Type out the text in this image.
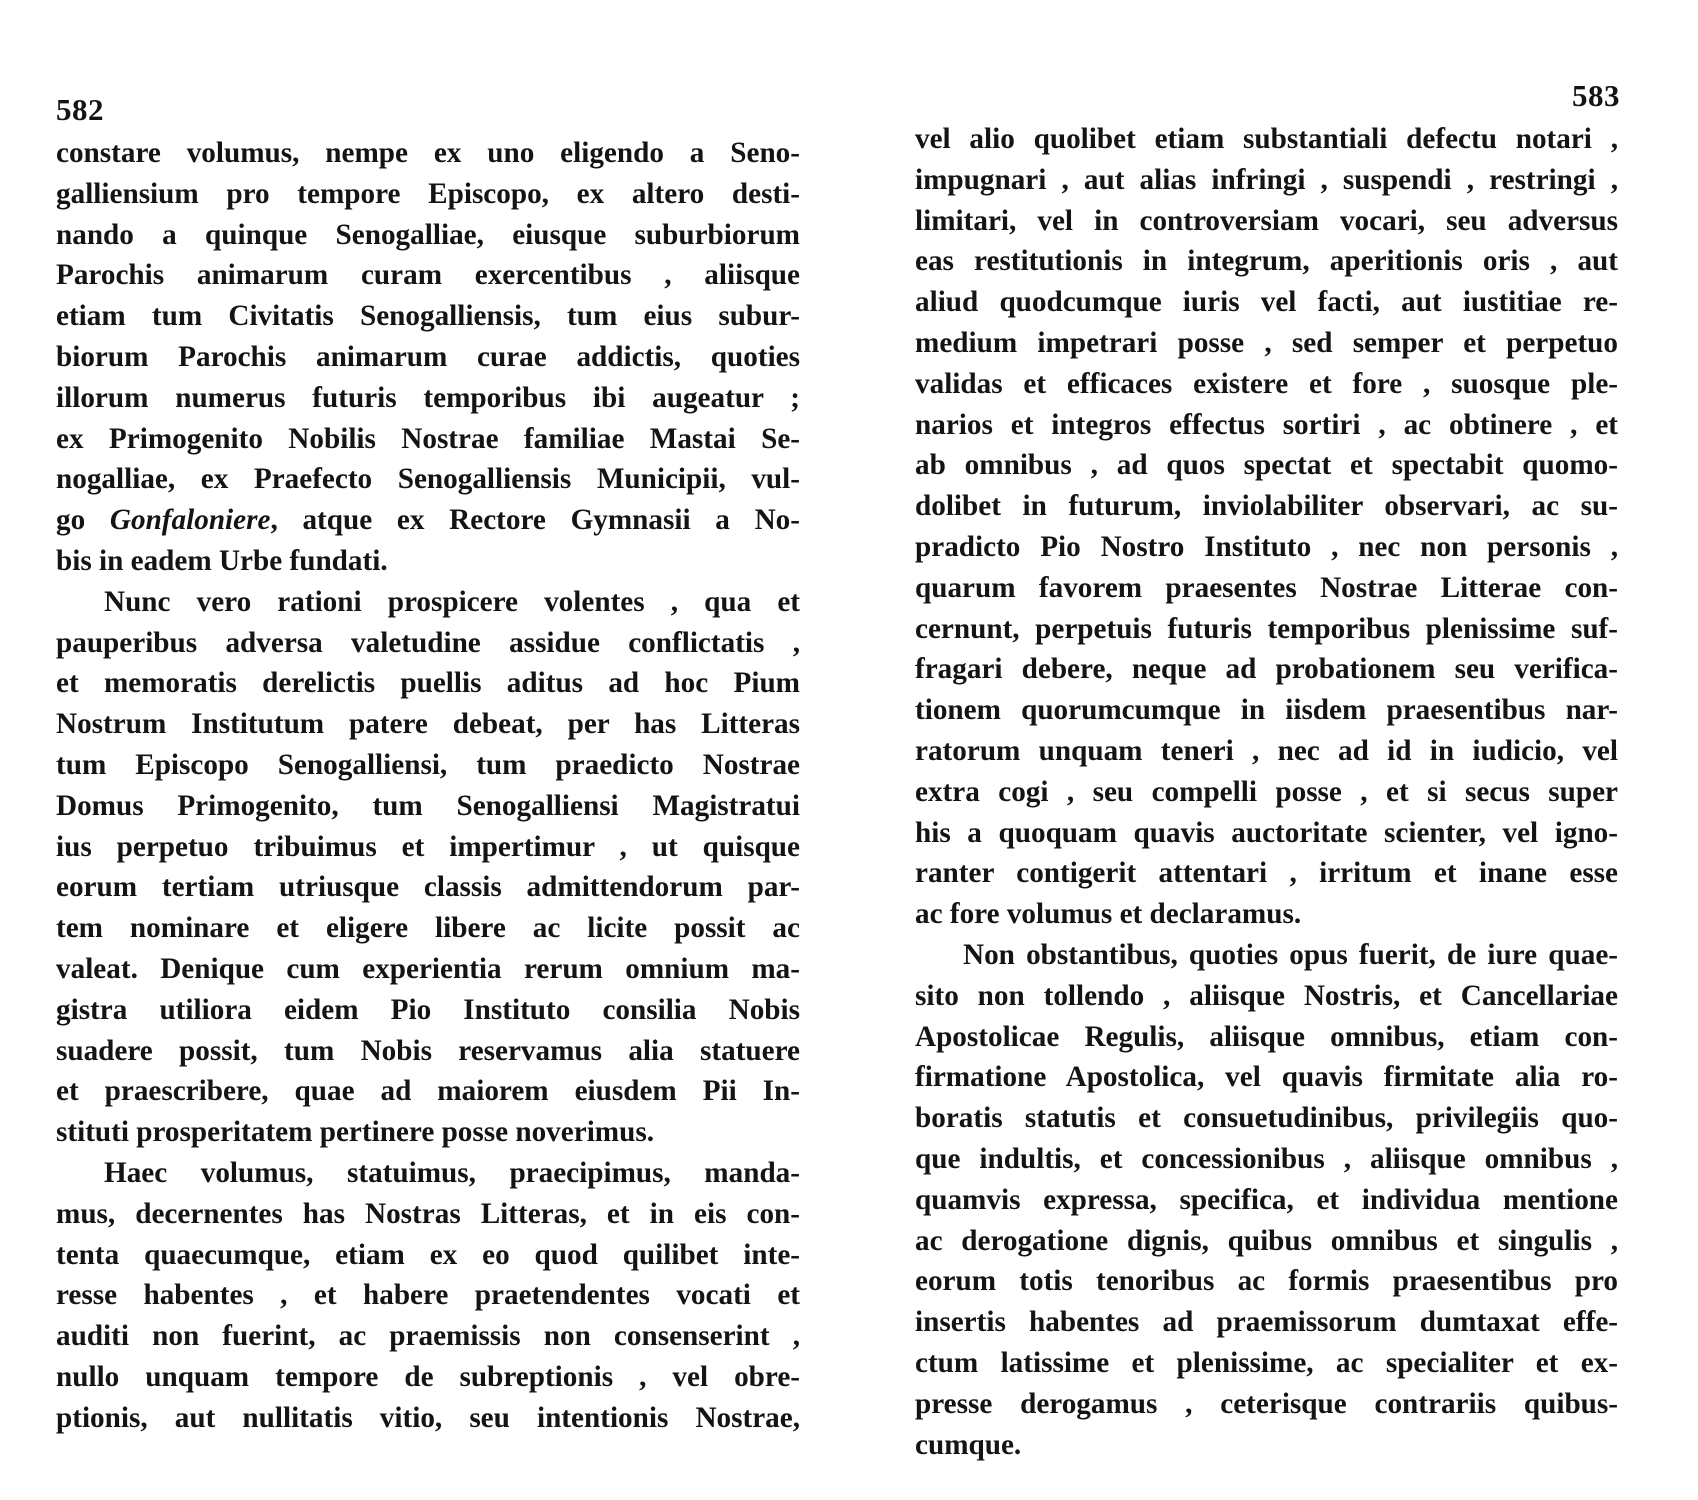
582
constare volumus, nempe ex uno eligendo a Seno-
galliensium pro tempore Episcopo, ex altero desti-
nando a quinque Senogalliae, eiusque suburbiorum
Parochis animarum curam exercentibus , aliisque
etiam tum Civitatis Senogalliensis, tum eius subur-
biorum Parochis animarum curae addictis, quoties
illorum numerus futuris temporibus ibi augeatur ;
ex Primogenito Nobilis Nostrae familiae Mastai Se-
nogalliae, ex Praefecto Senogalliensis Municipii, vul-
go Gonfaloniere, atque ex Rectore Gymnasii a No-
bis in eadem Urbe fundati.
Nunc vero rationi prospicere volentes , qua et
pauperibus adversa valetudine assidue conflictatis ,
et memoratis derelictis puellis aditus ad hoc Pium
Nostrum Institutum patere debeat, per has Litteras
tum Episcopo Senogalliensi, tum praedicto Nostrae
Domus Primogenito, tum Senogalliensi Magistratui
ius perpetuo tribuimus et impertimur , ut quisque
eorum tertiam utriusque classis admittendorum par-
tem nominare et eligere libere ac licite possit ac
valeat. Denique cum experientia rerum omnium ma-
gistra utiliora eidem Pio Instituto consilia Nobis
suadere possit, tum Nobis reservamus alia statuere
et praescribere, quae ad maiorem eiusdem Pii In-
stituti prosperitatem pertinere posse noverimus.
Haec volumus, statuimus, praecipimus, mandа-
mus, decernentes has Nostras Litteras, et in eis con-
tenta quaecumque, etiam ex eo quod quilibet inte-
resse habentes , et habere praetendentes vocati et
auditi non fuerint, ac praemissis non consenserint ,
nullo unquam tempore de subreptionis , vel obre-
ptionis, aut nullitatis vitio, seu intentionis Nostrae,
583
vel alio quolibet etiam substantiali defectu notari ,
impugnari , aut alias infringi , suspendi , restringi ,
limitari, vel in controversiam vocari, seu adversus
eas restitutionis in integrum, aperitionis oris , aut
aliud quodcumque iuris vel facti, aut iustitiae re-
medium impetrari posse , sed semper et perpetuo
validas et efficaces existere et fore , suosque ple-
narios et integros effectus sortiri , ac obtinere , et
ab omnibus , ad quos spectat et spectabit quomo-
dolibet in futurum, inviolabiliter observari, ac su-
pradicto Pio Nostro Instituto , nec non personis ,
quarum favorem praesentes Nostrae Litterae con-
cernunt, perpetuis futuris temporibus plenissime suf-
fragari debere, neque ad probationem seu verifica-
tionem quorumcumque in iisdem praesentibus nar-
ratorum unquam teneri , nec ad id in iudicio, vel
extra cogi , seu compelli posse , et si secus super
his a quoquam quavis auctoritate scienter, vel igno-
ranter contigerit attentari , irritum et inane esse
ac fore volumus et declaramus.
Non obstantibus, quoties opus fuerit, de iure quae-
sito non tollendo , aliisque Nostris, et Cancellariae
Apostolicae Regulis, aliisque omnibus, etiam con-
firmatione Apostolica, vel quavis firmitate alia ro-
boratis statutis et consuetudinibus, privilegiis quo-
que indultis, et concessionibus , aliisque omnibus ,
quamvis expressa, specifica, et individua mentione
ac derogatione dignis, quibus omnibus et singulis ,
eorum totis tenoribus ac formis praesentibus pro
insertis habentes ad praemissorum dumtaxat effe-
ctum latissime et plenissime, ac specialiter et ex-
presse derogamus , ceterisque contrariis quibus-
cumque.
